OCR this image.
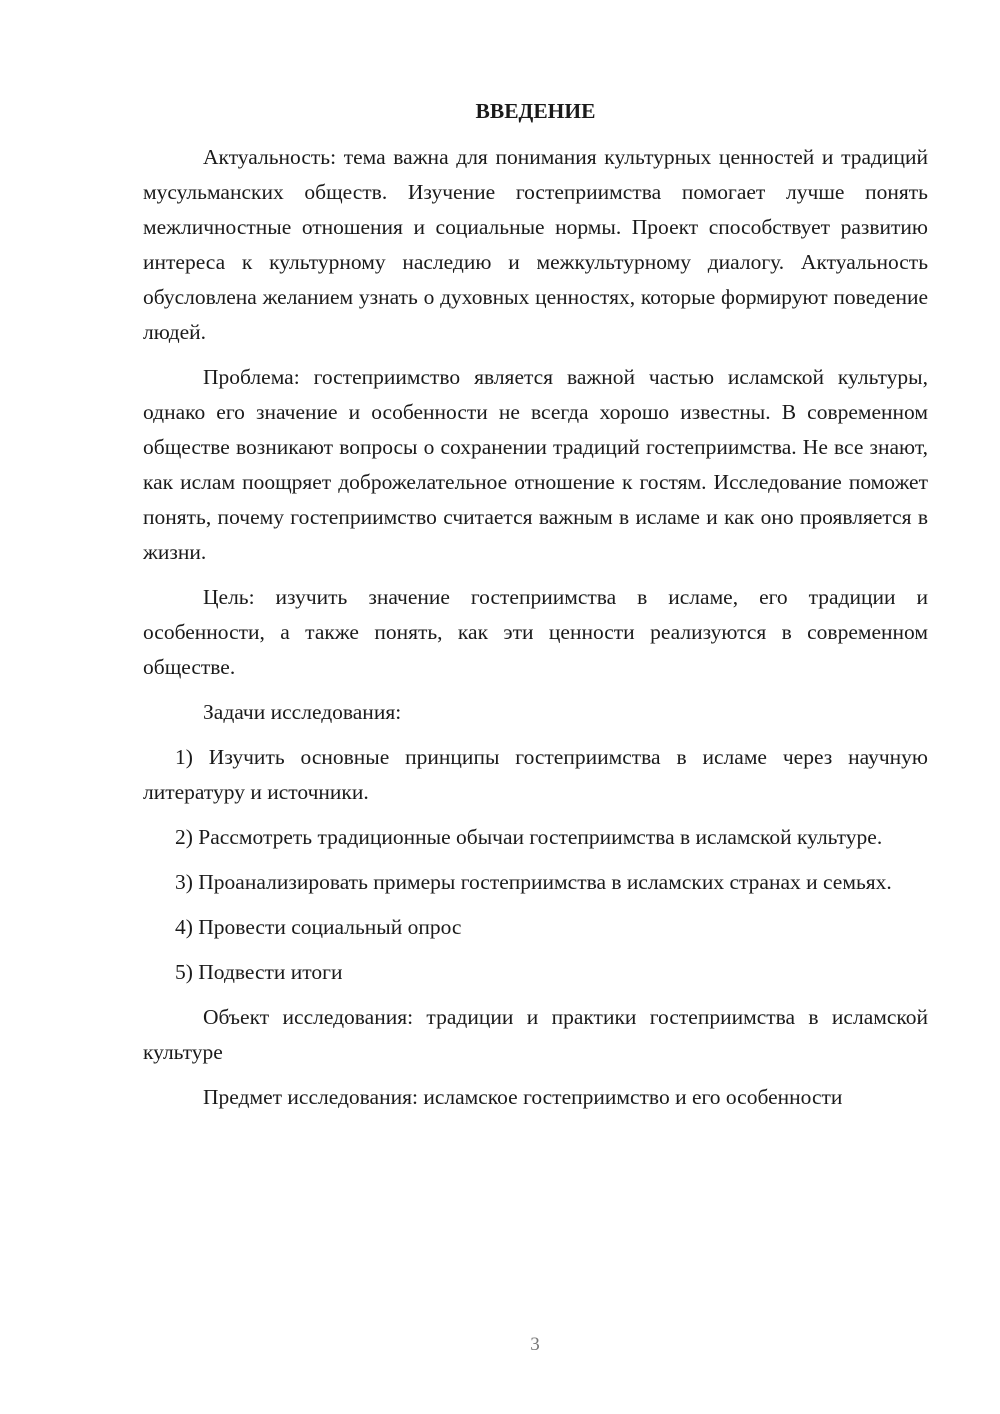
ВВЕДЕНИЕ

Актуальность: тема важна для понимания культурных ценностей и традиций мусульманских обществ. Изучение гостеприимства помогает лучше понять межличностные отношения и социальные нормы. Проект способствует развитию интереса к культурному наследию и межкультурному диалогу. Актуальность обусловлена желанием узнать о духовных ценностях, которые формируют поведение людей.

Проблема: гостеприимство является важной частью исламской культуры, однако его значение и особенности не всегда хорошо известны. В современном обществе возникают вопросы о сохранении традиций гостеприимства. Не все знают, как ислам поощряет доброжелательное отношение к гостям. Исследование поможет понять, почему гостеприимство считается важным в исламе и как оно проявляется в жизни.

Цель: изучить значение гостеприимства в исламе, его традиции и особенности, а также понять, как эти ценности реализуются в современном обществе.

Задачи исследования:

1) Изучить основные принципы гостеприимства в исламе через научную литературу и источники.

2) Рассмотреть традиционные обычаи гостеприимства в исламской культуре.

3) Проанализировать примеры гостеприимства в исламских странах и семьях.

4) Провести социальный опрос

5) Подвести итоги

Объект исследования: традиции и практики гостеприимства в исламской культуре

Предмет исследования: исламское гостеприимство и его особенности

3
